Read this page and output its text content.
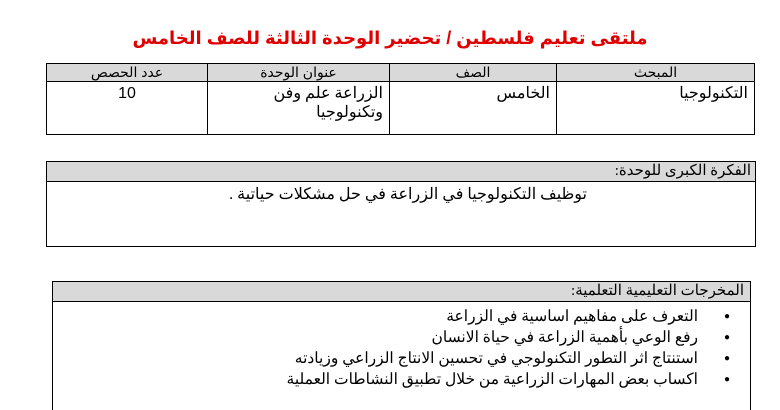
ملتقى تعليم فلسطين / تحضير الوحدة الثالثة للصف الخامس
المبحث	الصف	عنوان الوحدة	عدد الحصص
التكنولوجيا	الخامس	الزراعة علم وفن وتكنولوجيا	10
الفكرة الكبرى للوحدة:
توظيف التكنولوجيا في الزراعة في حل مشكلات حياتية .
المخرجات التعليمية التعلمية:
● التعرف على مفاهيم اساسية في الزراعة
● رفع الوعي بأهمية الزراعة في حياة الانسان
● استنتاج اثر التطور التكنولوجي في تحسين الانتاج الزراعي وزيادته
● اكساب بعض المهارات الزراعية من خلال تطبيق النشاطات العملية
